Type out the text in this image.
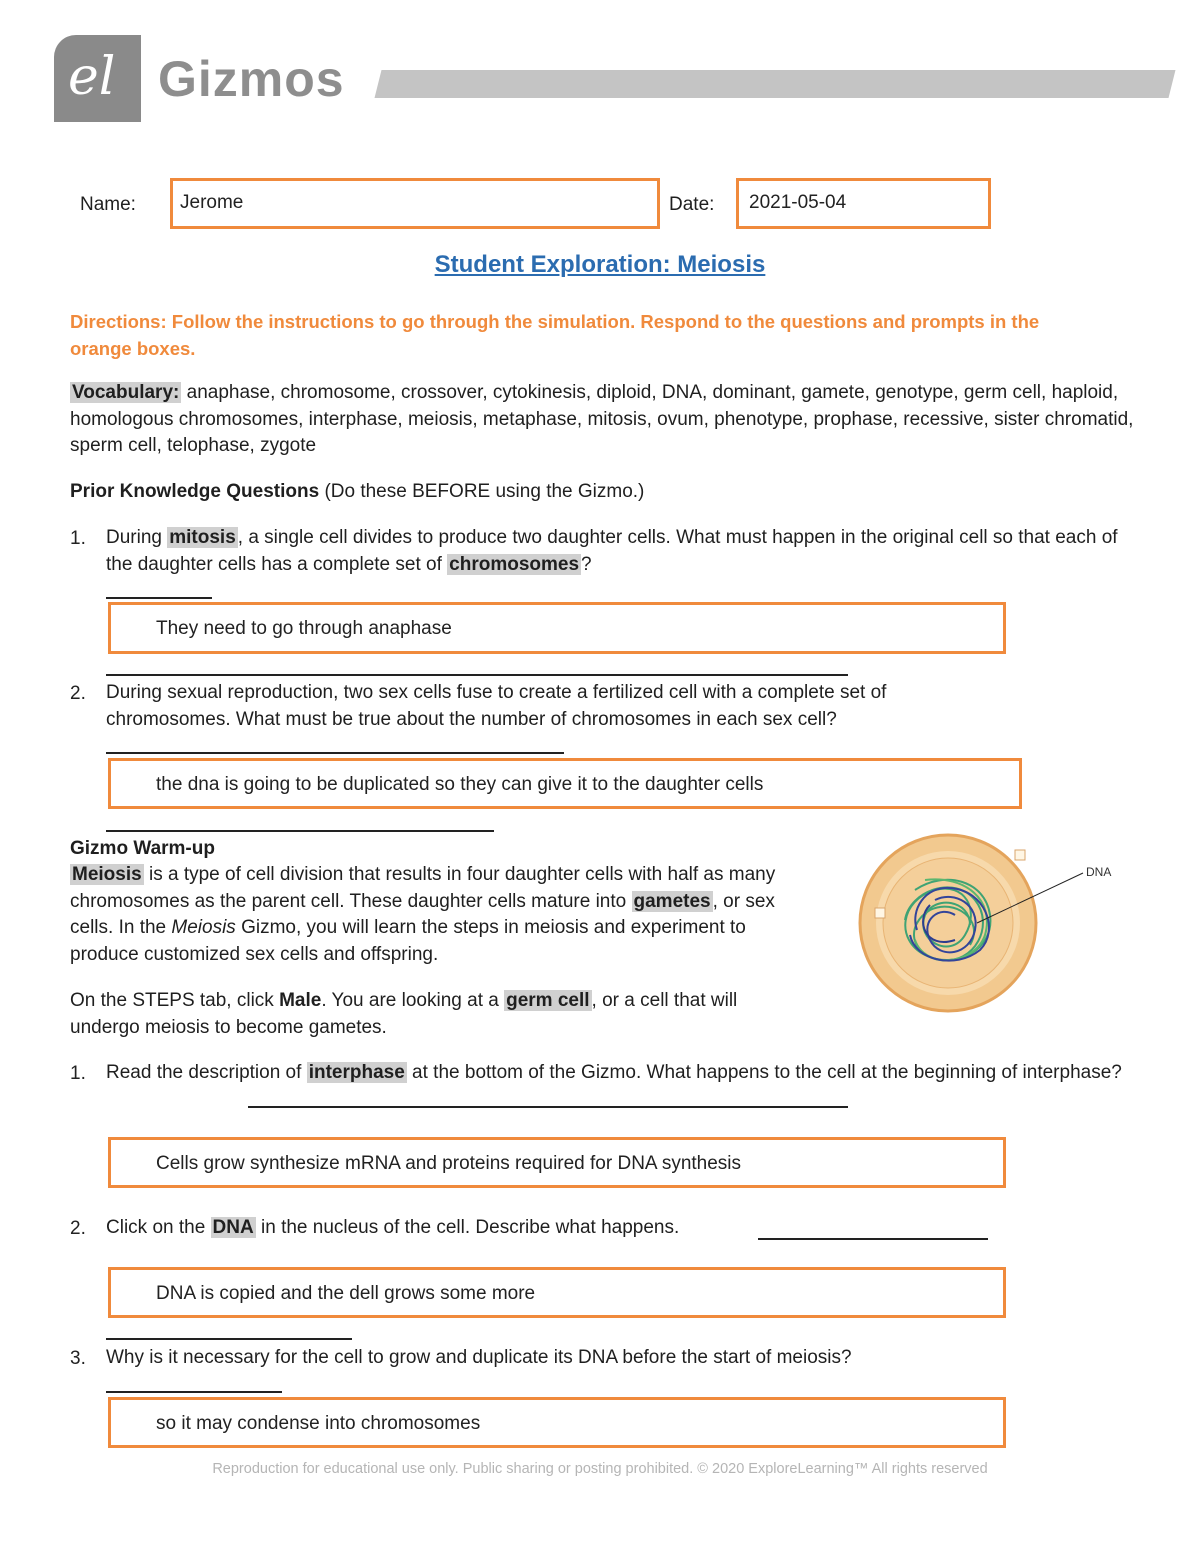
el Gizmos
Name: Jerome	Date: 2021-05-04
Student Exploration: Meiosis
Directions: Follow the instructions to go through the simulation. Respond to the questions and prompts in the orange boxes.
Vocabulary: anaphase, chromosome, crossover, cytokinesis, diploid, DNA, dominant, gamete, genotype, germ cell, haploid, homologous chromosomes, interphase, meiosis, metaphase, mitosis, ovum, phenotype, prophase, recessive, sister chromatid, sperm cell, telophase, zygote
Prior Knowledge Questions (Do these BEFORE using the Gizmo.)
1. During mitosis , a single cell divides to produce two daughter cells. What must happen in the original cell so that each of the daughter cells has a complete set of chromosomes ?
They need to go through anaphase
2. During sexual reproduction, two sex cells fuse to create a fertilized cell with a complete set of chromosomes. What must be true about the number of chromosomes in each sex cell?
the dna is going to be duplicated so they can give it to the daughter cells
Gizmo Warm-up
Meiosis is a type of cell division that results in four daughter cells with half as many chromosomes as the parent cell. These daughter cells mature into gametes , or sex cells. In the Meiosis Gizmo, you will learn the steps in meiosis and experiment to produce customized sex cells and offspring.
On the STEPS tab, click Male. You are looking at a germ cell , or a cell that will undergo meiosis to become gametes.
DNA
1. Read the description of interphase at the bottom of the Gizmo. What happens to the cell at the beginning of interphase?
Cells grow synthesize mRNA and proteins required for DNA synthesis
2. Click on the DNA in the nucleus of the cell. Describe what happens.
DNA is copied and the dell grows some more
3. Why is it necessary for the cell to grow and duplicate its DNA before the start of meiosis?
so it may condense into chromosomes
Reproduction for educational use only. Public sharing or posting prohibited. © 2020 ExploreLearning™ All rights reserved
